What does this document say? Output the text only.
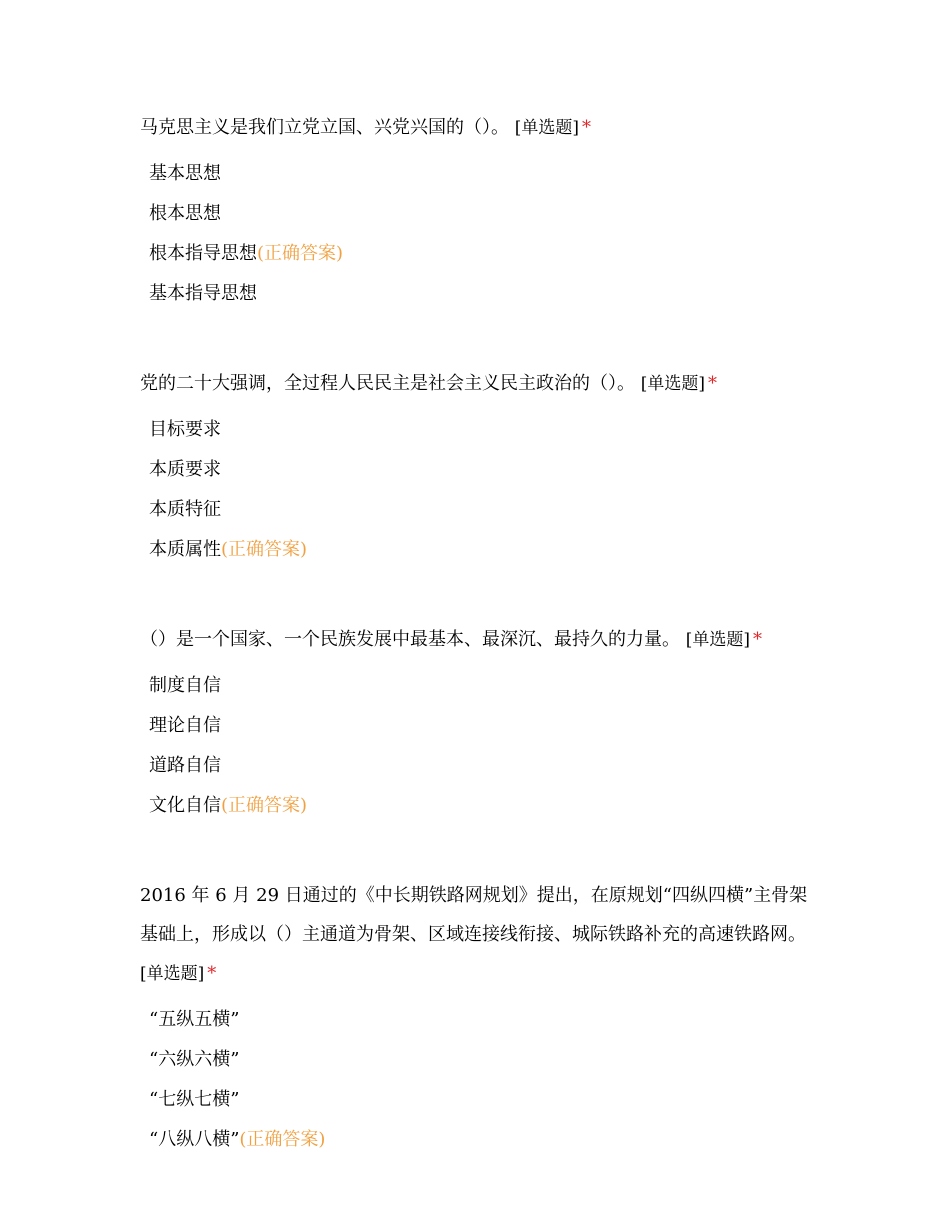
马克思主义是我们立党立国、兴党兴国的（）。 [单选题] *

基本思想
根本思想
根本指导思想(正确答案)
基本指导思想

党的二十大强调，全过程人民民主是社会主义民主政治的（）。 [单选题] *

目标要求
本质要求
本质特征
本质属性(正确答案)

（）是一个国家、一个民族发展中最基本、最深沉、最持久的力量。 [单选题] *

制度自信
理论自信
道路自信
文化自信(正确答案)

2016 年 6 月 29 日通过的《中长期铁路网规划》提出，在原规划“四纵四横”主骨架基础上，形成以（）主通道为骨架、区域连接线衔接、城际铁路补充的高速铁路网。 [单选题] *

“五纵五横”
“六纵六横”
“七纵七横”
“八纵八横”(正确答案)
